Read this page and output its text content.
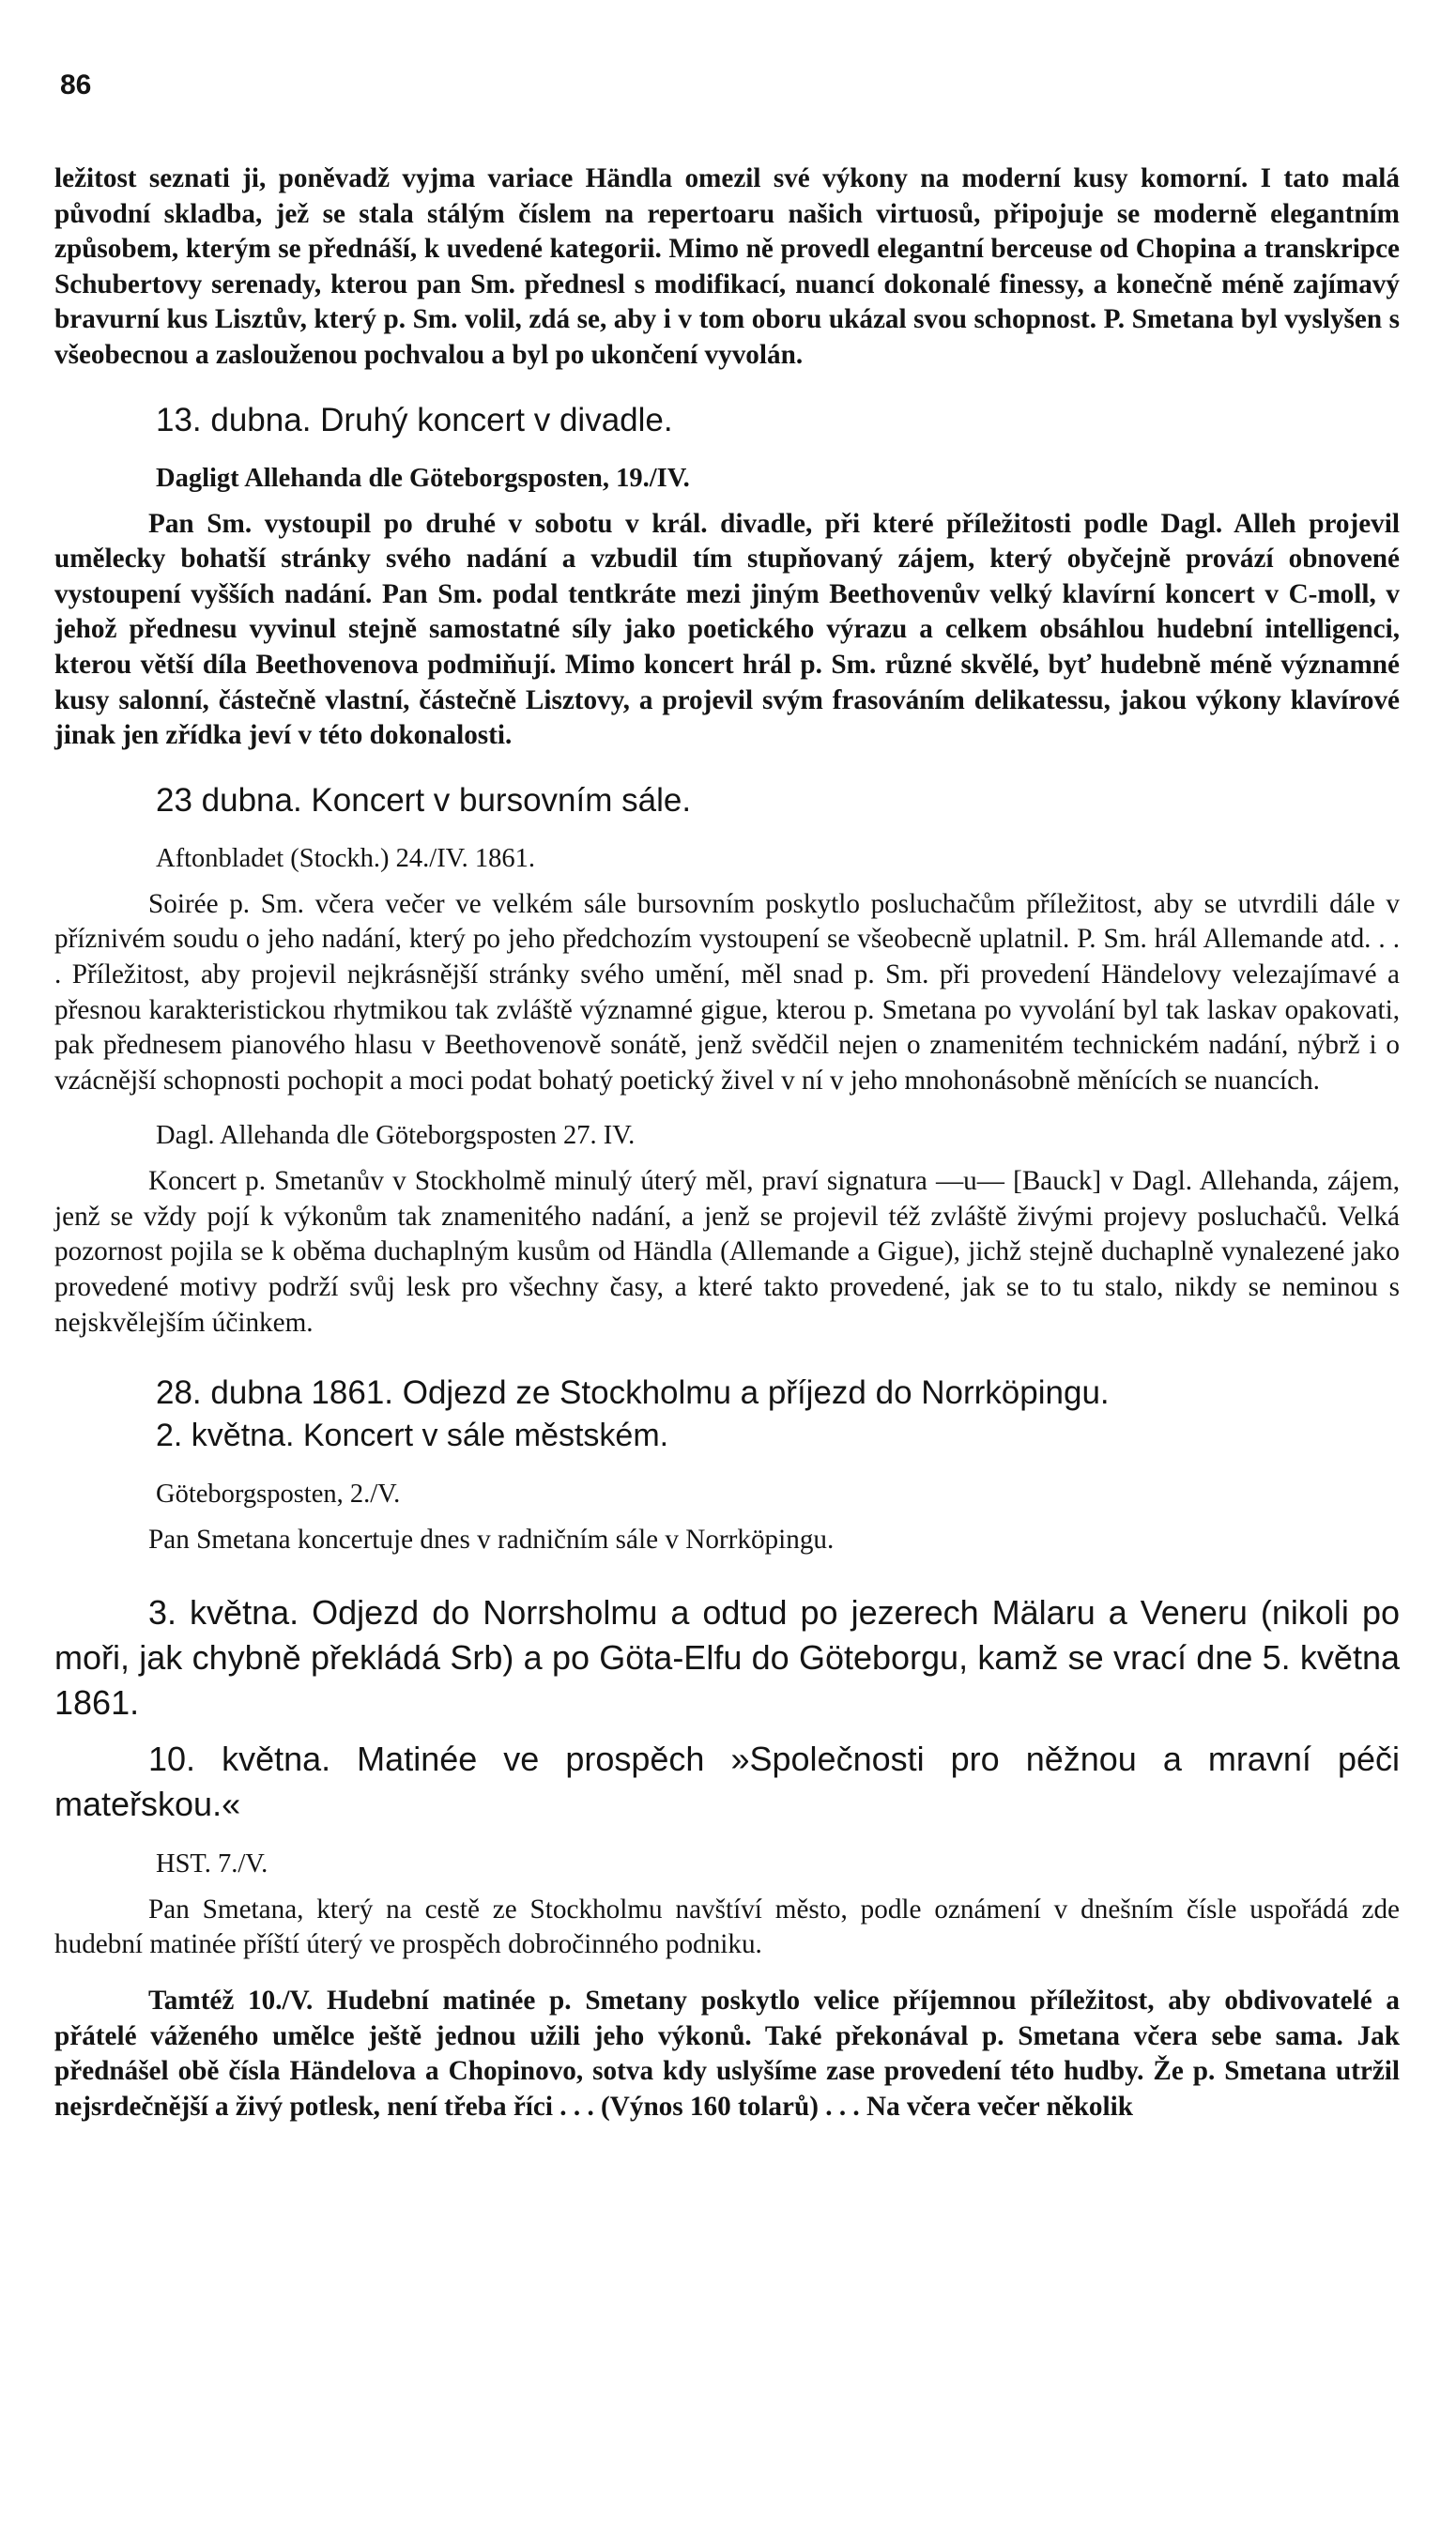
86

ležitost seznati ji, poněvadž vyjma variace Händla omezil své výkony na moderní kusy komorní. I tato malá původní skladba, jež se stala stálým číslem na repertoaru našich virtuosů, připojuje se moderně elegantním způsobem, kterým se přednáší, k uvedené kategorii. Mimo ně provedl elegantní berceuse od Chopina a transkripce Schubertovy serenady, kterou pan Sm. přednesl s modifikací, nuancí dokonalé finessy, a konečně méně zajímavý bravurní kus Lisztův, který p. Sm. volil, zdá se, aby i v tom oboru ukázal svou schopnost. P. Smetana byl vyslyšen s všeobecnou a zaslouženou pochvalou a byl po ukončení vyvolán.

13. dubna. Druhý koncert v divadle.

Dagligt Allehanda dle Göteborgsposten, 19./IV.

Pan Sm. vystoupil po druhé v sobotu v král. divadle, při které příležitosti podle Dagl. Alleh projevil umělecky bohatší stránky svého nadání a vzbudil tím stupňovaný zájem, který obyčejně provází obnovené vystoupení vyšších nadání. Pan Sm. podal tentkráte mezi jiným Beethovenův velký klavírní koncert v C-moll, v jehož přednesu vyvinul stejně samostatné síly jako poetického výrazu a celkem obsáhlou hudební intelligenci, kterou větší díla Beethovenova podmiňují. Mimo koncert hrál p. Sm. různé skvělé, byť hudebně méně významné kusy salonní, částečně vlastní, částečně Lisztovy, a projevil svým frasováním delikatessu, jakou výkony klavírové jinak jen zřídka jeví v této dokonalosti.

23 dubna. Koncert v bursovním sále.

Aftonbladet (Stockh.) 24./IV. 1861.

Soirée p. Sm. včera večer ve velkém sále bursovním poskytlo posluchačům příležitost, aby se utvrdili dále v příznivém soudu o jeho nadání, který po jeho předchozím vystoupení se všeobecně uplatnil. P. Sm. hrál Allemande atd. . . . Příležitost, aby projevil nejkrásnější stránky svého umění, měl snad p. Sm. při provedení Händelovy velezajímavé a přesnou karakteristickou rhytmikou tak zvláště významné gigue, kterou p. Smetana po vyvolání byl tak laskav opakovati, pak přednesem pianového hlasu v Beethovenově sonátě, jenž svědčil nejen o znamenitém technickém nadání, nýbrž i o vzácnější schopnosti pochopit a moci podat bohatý poetický živel v ní v jeho mnohonásobně měnících se nuancích.

Dagl. Allehanda dle Göteborgsposten 27. IV.

Koncert p. Smetanův v Stockholmě minulý úterý měl, praví signatura —u— [Bauck] v Dagl. Allehanda, zájem, jenž se vždy pojí k výkonům tak znamenitého nadání, a jenž se projevil též zvláště živými projevy posluchačů. Velká pozornost pojila se k oběma duchaplným kusům od Händla (Allemande a Gigue), jichž stejně duchaplně vynalezené jako provedené motivy podrží svůj lesk pro všechny časy, a které takto provedené, jak se to tu stalo, nikdy se neminou s nejskvělejším účinkem.

28. dubna 1861. Odjezd ze Stockholmu a příjezd do Norrköpingu.

2. května. Koncert v sále městském.

Göteborgsposten, 2./V.

Pan Smetana koncertuje dnes v radničním sále v Norrköpingu.

3. května. Odjezd do Norrsholmu a odtud po jezerech Mälaru a Veneru (nikoli po moři, jak chybně překládá Srb) a po Göta-Elfu do Göteborgu, kamž se vrací dne 5. května 1861.

10. května. Matinée ve prospěch »Společnosti pro něžnou a mravní péči mateřskou.«

HST. 7./V.

Pan Smetana, který na cestě ze Stockholmu navštíví město, podle oznámení v dnešním čísle uspořádá zde hudební matinée příští úterý ve prospěch dobročinného podniku.

Tamtéž 10./V. Hudební matinée p. Smetany poskytlo velice příjemnou příležitost, aby obdivovatelé a přátelé váženého umělce ještě jednou užili jeho výkonů. Také překonával p. Smetana včera sebe sama. Jak přednášel obě čísla Händelova a Chopinovo, sotva kdy uslyšíme zase provedení této hudby. Že p. Smetana utržil nejsrdečnější a živý potlesk, není třeba říci . . . (Výnos 160 tolarů) . . . Na včera večer několik
